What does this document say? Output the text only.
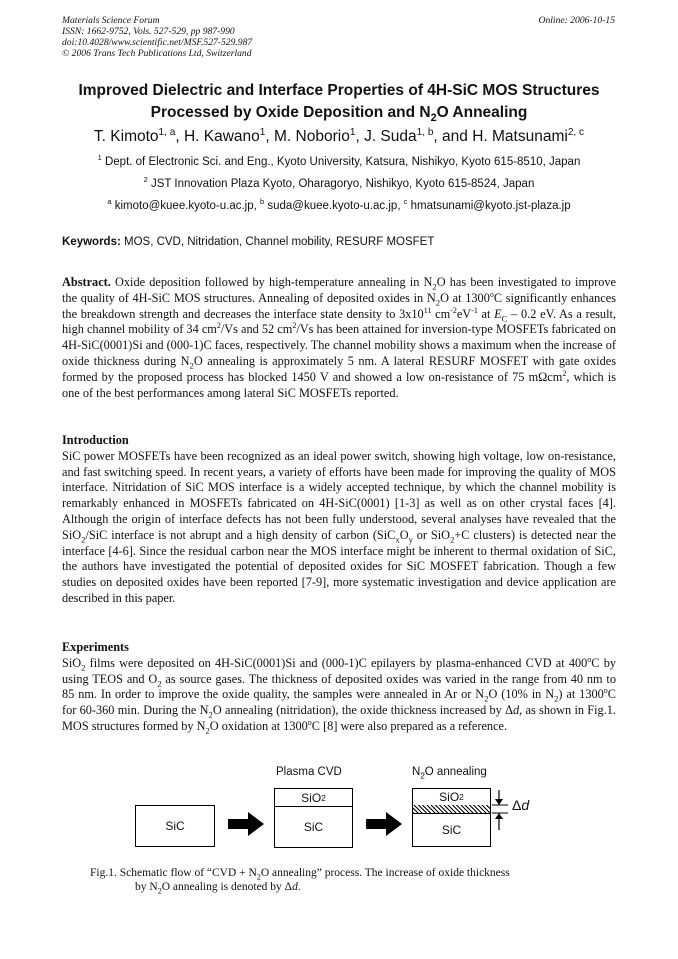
Materials Science Forum
ISSN: 1662-9752, Vols. 527-529, pp 987-990
doi:10.4028/www.scientific.net/MSF.527-529.987
© 2006 Trans Tech Publications Ltd, Switzerland
Online: 2006-10-15
Improved Dielectric and Interface Properties of 4H-SiC MOS Structures
Processed by Oxide Deposition and $N_2O$ Annealing
T. Kimoto$^{1, a}$, H. Kawano$^1$, M. Noborio$^1$, J. Suda$^{1, b}$, and H. Matsunami$^{2, c}$
$^1$ Dept. of Electronic Sci. and Eng., Kyoto University, Katsura, Nishikyo, Kyoto 615-8510, Japan
$^2$ JST Innovation Plaza Kyoto, Oharagoryo, Nishikyo, Kyoto 615-8524, Japan
$^a$ kimoto@kuee.kyoto-u.ac.jp, $^b$ suda@kuee.kyoto-u.ac.jp, $^c$ hmatsunami@kyoto.jst-plaza.jp
Keywords: MOS, CVD, Nitridation, Channel mobility, RESURF MOSFET

Abstract. Oxide deposition followed by high-temperature annealing in $N_2O$ has been investigated to improve the quality of 4H-SiC MOS structures. Annealing of deposited oxides in $N_2O$ at 1300$^o$C significantly enhances the breakdown strength and decreases the interface state density to $3x10^{11}$ $cm^{-2}eV^{-1}$ at $E_C - 0.2$ eV. As a result, high channel mobility of 34 $cm^2/Vs$ and 52 $cm^2/Vs$ has been attained for inversion-type MOSFETs fabricated on 4H-SiC(0001)Si and (000-1)C faces, respectively. The channel mobility shows a maximum when the increase of oxide thickness during $N_2O$ annealing is approximately 5 nm. A lateral RESURF MOSFET with gate oxides formed by the proposed process has blocked 1450 V and showed a low on-resistance of 75 mΩcm$^2$, which is one of the best performances among lateral SiC MOSFETs reported.

Introduction

SiC power MOSFETs have been recognized as an ideal power switch, showing high voltage, low on-resistance, and fast switching speed. In recent years, a variety of efforts have been made for improving the quality of MOS interface. Nitridation of SiC MOS interface is a widely accepted technique, by which the channel mobility is remarkably enhanced in MOSFETs fabricated on 4H-SiC(0001) [1-3] as well as on other crystal faces [4]. Although the origin of interface defects has not been fully understood, several analyses have revealed that the SiO$_2$/SiC interface is not abrupt and a high density of carbon ($SiC_xO_y$ or SiO$_2$+C clusters) is detected near the interface [4-6]. Since the residual carbon near the MOS interface might be inherent to thermal oxidation of SiC, the authors have investigated the potential of deposited oxides for SiC MOSFET fabrication. Though a few studies on deposited oxides have been reported [7-9], more systematic investigation and device application are described in this paper.

Experiments

SiO$_2$ films were deposited on 4H-SiC(0001)Si and (000-1)C epilayers by plasma-enhanced CVD at 400$^o$C by using TEOS and $O_2$ as source gases. The thickness of deposited oxides was varied in the range from 40 nm to 85 nm. In order to improve the oxide quality, the samples were annealed in Ar or $N_2O$ (10% in $N_2$) at 1300$^o$C for 60-360 min. During the $N_2O$ annealing (nitridation), the oxide thickness increased by Δd, as shown in Fig.1. MOS structures formed by $N_2O$ oxidation at 1300$^o$C [8] were also prepared as a reference.

Plasma CVD	$N_2O$ annealing
SiC
SiO 2
SiC
SiO 2
SiC
Δd
Fig.1. Schematic flow of “CVD + $N_2O$ annealing” process. The increase of oxide thickness
by $N_2O$ annealing is denoted by Δd.
